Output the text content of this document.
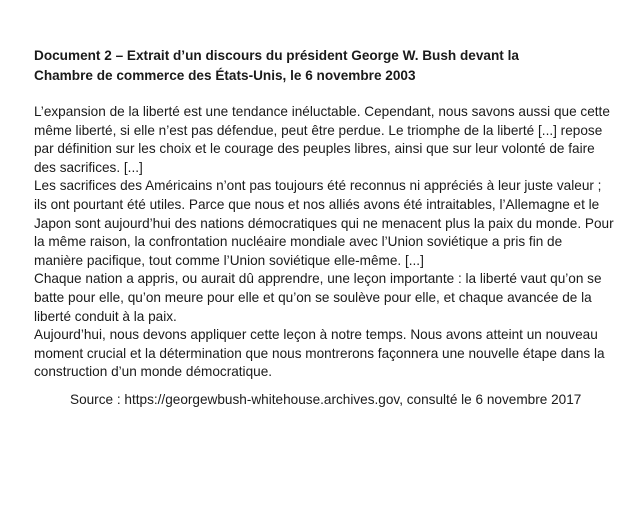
Document 2 – Extrait d’un discours du président George W. Bush devant la
Chambre de commerce des États-Unis, le 6 novembre 2003

L’expansion de la liberté est une tendance inéluctable. Cependant, nous savons aussi que cette même liberté, si elle n’est pas défendue, peut être perdue. Le triomphe de la liberté [...] repose par définition sur les choix et le courage des peuples libres, ainsi que sur leur volonté de faire des sacrifices. [...]

Les sacrifices des Américains n’ont pas toujours été reconnus ni appréciés à leur juste valeur ; ils ont pourtant été utiles. Parce que nous et nos alliés avons été intraitables, l’Allemagne et le Japon sont aujourd’hui des nations démocratiques qui ne menacent plus la paix du monde. Pour la même raison, la confrontation nucléaire mondiale avec l’Union soviétique a pris fin de manière pacifique, tout comme l’Union soviétique elle-même. [...]

Chaque nation a appris, ou aurait dû apprendre, une leçon importante : la liberté vaut qu’on se batte pour elle, qu’on meure pour elle et qu’on se soulève pour elle, et chaque avancée de la liberté conduit à la paix.

Aujourd’hui, nous devons appliquer cette leçon à notre temps. Nous avons atteint un nouveau moment crucial et la détermination que nous montrerons façonnera une nouvelle étape dans la construction d’un monde démocratique.

Source : https://georgewbush-whitehouse.archives.gov, consulté le 6 novembre 2017
